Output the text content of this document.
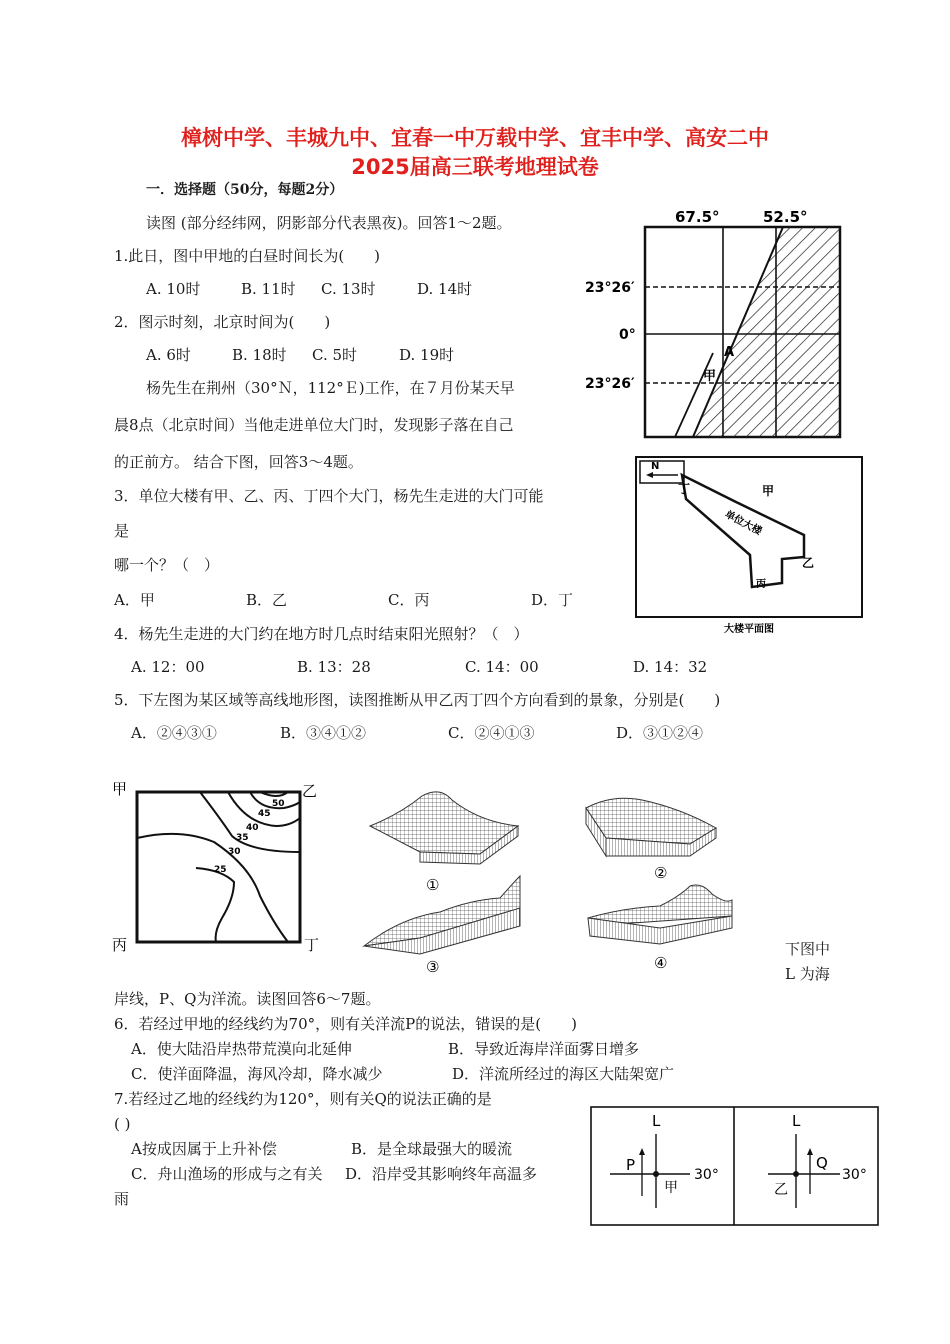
樟树中学、丰城九中、宜春一中万载中学、宜丰中学、高安二中
2025届高三联考地理试卷
一．选择题（50分，每题2分）
读图 (部分经纬网，阴影部分代表黑夜)。回答1～2题。
1.此日，图中甲地的白昼时间长为(　　)
A. 10时	B. 11时 C. 13时	D. 14时
2．图示时刻，北京时间为(　　)
A. 6时	B. 18时 C. 5时	D. 19时
杨先生在荆州（30°Ｎ，112°Ｅ)工作，在７月份某天早
晨8点（北京时间）当他走进单位大门时，发现影子落在自己
的正前方。 结合下图，回答3～4题。
3．单位大楼有甲、乙、丙、丁四个大门，杨先生走进的大门可能
是
哪一个？（　）
A．甲	B．乙	C．丙	D．丁
4．杨先生走进的大门约在地方时几点时结束阳光照射？（　）
A. 12：00	B. 13：28	C. 14：00	D. 14：32
5．下左图为某区域等高线地形图，读图推断从甲乙丙丁四个方向看到的景象，分别是(　　)
A．②④③①	B．③④①②	C．②④①③	D．③①②④
下图中
L 为海
岸线，P、Q为洋流。读图回答6～7题。
6．若经过甲地的经线约为70°，则有关洋流P的说法，错误的是(　　)
A．使大陆沿岸热带荒漠向北延伸	B．导致近海岸洋面雾日增多
C．使洋面降温，海风冷却，降水减少	D．洋流所经过的海区大陆架宽广
7.若经过乙地的经线约为120°，则有关Q的说法正确的是
( )
A按成因属于上升补偿	B．是全球最强大的暖流
C．舟山渔场的形成与之有关 D．沿岸受其影响终年高温多
雨
67.5°	52.5°
23°26′
0°
23°26′
A
甲
N
单位大楼
丁	甲
乙
丙
大楼平面图
甲	乙
丙	丁
50
45
40
35
30
25
①
②
③	④
L
P
甲
30°
L
Q
乙
30°
